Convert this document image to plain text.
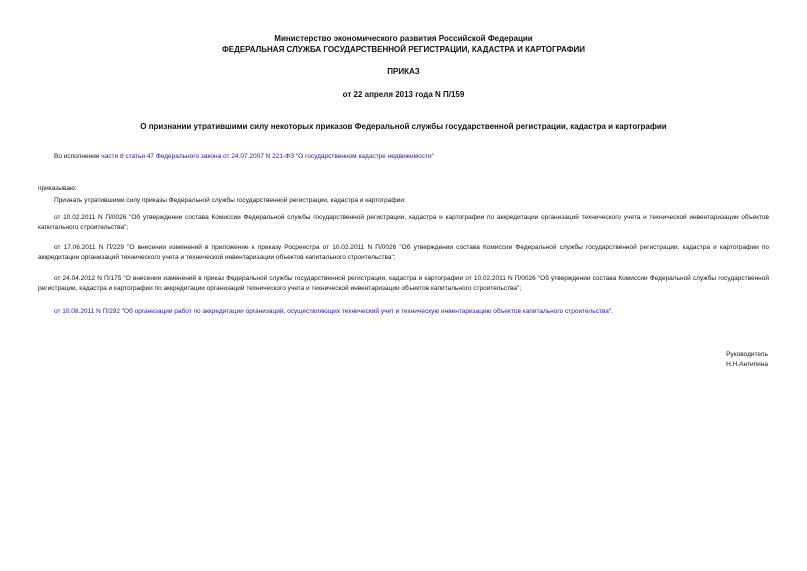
Министерство экономического развития Российской Федерации
ФЕДЕРАЛЬНАЯ СЛУЖБА ГОСУДАРСТВЕННОЙ РЕГИСТРАЦИИ, КАДАСТРА И КАРТОГРАФИИ
ПРИКАЗ
от 22 апреля 2013 года N П/159
О признании утратившими силу некоторых приказов Федеральной службы государственной регистрации, кадастра и картографии
Во исполнение части 8 статьи 47 Федерального закона от 24.07.2007 N 221-ФЗ "О государственном кадастре недвижимости"
приказываю:
Признать утратившими силу приказы Федеральной службы государственной регистрации, кадастра и картографии:
от 10.02.2011 N П/0026 "Об утверждении состава Комиссии Федеральной службы государственной регистрации, кадастра и картографии по аккредитации организаций технического учета и технической инвентаризации объектов капитального строительства";
от 17.06.2011 N П/229 "О внесении изменений в приложение к приказу Росреестра от 10.02.2011 N П/0026 "Об утверждении состава Комиссии Федеральной службы государственной регистрации, кадастра и картографии по аккредитации организаций технического учета и технической инвентаризации объектов капитального строительства";
от 24.04.2012 N П/175 "О внесении изменений в приказ Федеральной службы государственной регистрации, кадастра и картографии от 10.02.2011 N П/0026 "Об утверждении состава Комиссии Федеральной службы государственной регистрации, кадастра и картографии по аккредитации организаций технического учета и технической инвентаризации объектов капитального строительства";
от 10.08.2011 N П/292 "Об организации работ по аккредитации организаций, осуществляющих технический учет и техническую инвентаризацию объектов капитального строительства".
Руководитель
Н.Н.Антипина
